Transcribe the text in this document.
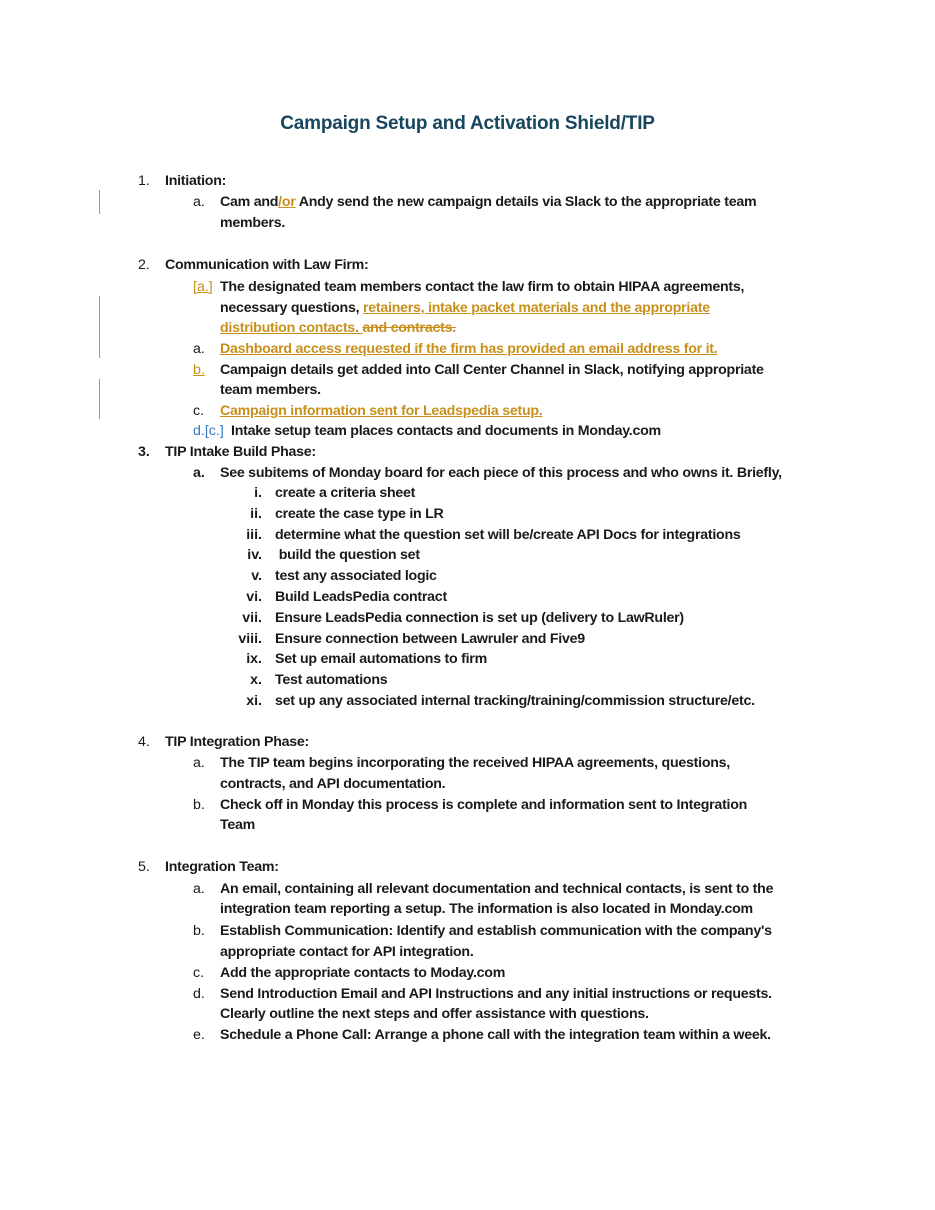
Campaign Setup and Activation Shield/TIP
1. Initiation:
a. Cam and/or Andy send the new campaign details via Slack to the appropriate team
members.
2. Communication with Law Firm:
[a.] The designated team members contact the law firm to obtain HIPAA agreements,
necessary questions, retainers, intake packet materials and the appropriate
distribution contacts. and contracts.
a. Dashboard access requested if the firm has provided an email address for it.
b.	Campaign details get added into Call Center Channel in Slack, notifying appropriate
team members.
c. Campaign information sent for Leadspedia setup.
d.[c.] Intake setup team places contacts and documents in Monday.com
3. TIP Intake Build Phase:
a. See subitems of Monday board for each piece of this process and who owns it. Briefly,
i. create a criteria sheet
ii. create the case type in LR
iii. determine what the question set will be/create API Docs for integrations
iv. build the question set
v. test any associated logic
vi. Build LeadsPedia contract
vii. Ensure LeadsPedia connection is set up (delivery to LawRuler)
viii. Ensure connection between Lawruler and Five9
ix. Set up email automations to firm
x. Test automations
xi. set up any associated internal tracking/training/commission structure/etc.
4. TIP Integration Phase:
a. The TIP team begins incorporating the received HIPAA agreements, questions,
contracts, and API documentation.
b. Check off in Monday this process is complete and information sent to Integration
Team
5. Integration Team:
a. An email, containing all relevant documentation and technical contacts, is sent to the
integration team reporting a setup. The information is also located in Monday.com
b. Establish Communication: Identify and establish communication with the company's
appropriate contact for API integration.
c. Add the appropriate contacts to Moday.com
d. Send Introduction Email and API Instructions and any initial instructions or requests.
Clearly outline the next steps and offer assistance with questions.
e. Schedule a Phone Call: Arrange a phone call with the integration team within a week.
